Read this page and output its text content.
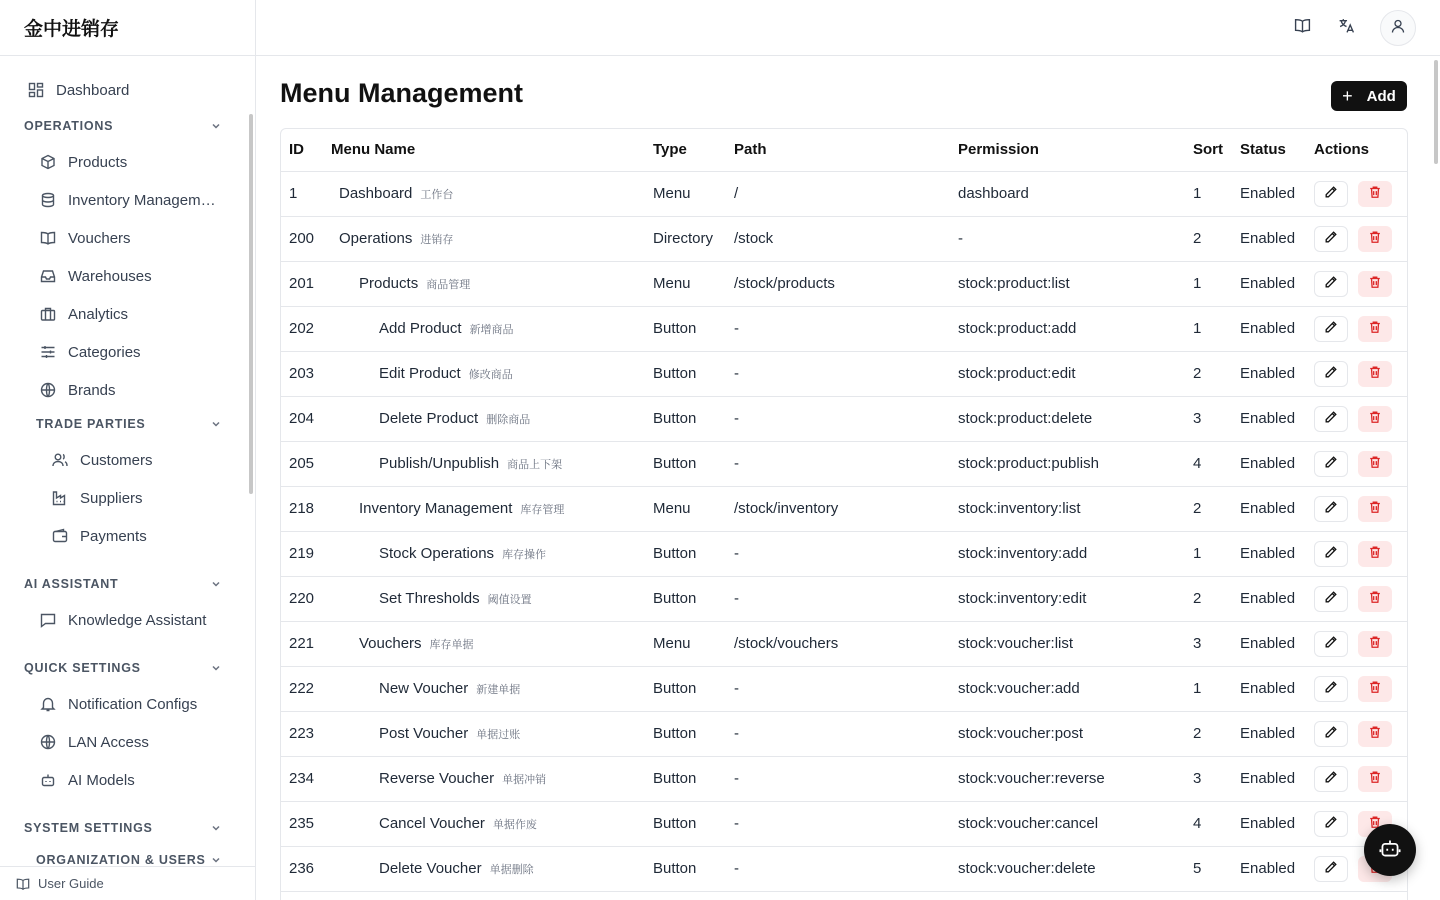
金中进销存
Dashboard
OPERATIONS
Products
Inventory Managem…
Vouchers
Warehouses
Analytics
Categories
Brands
TRADE PARTIES
Customers
Suppliers
Payments
AI ASSISTANT
Knowledge Assistant
QUICK SETTINGS
Notification Configs
LAN Access
AI Models
SYSTEM SETTINGS
ORGANIZATION & USERS
User Guide
Menu Management	+ Add
ID	Menu Name	Type	Path	Permission	Sort	Status	Actions
1	Dashboard 工作台	Menu	/	dashboard	1	Enabled	

200	Operations 进销存	Directory	/stock	-	2	Enabled	

201	Products 商品管理	Menu	/stock/products	stock:product:list	1	Enabled	

202	Add Product 新增商品	Button	-	stock:product:add	1	Enabled	

203	Edit Product 修改商品	Button	-	stock:product:edit	2	Enabled	

204	Delete Product 删除商品	Button	-	stock:product:delete	3	Enabled	

205	Publish/Unpublish 商品上下架	Button	-	stock:product:publish	4	Enabled	

218	Inventory Management 库存管理	Menu	/stock/inventory	stock:inventory:list	2	Enabled	

219	Stock Operations 库存操作	Button	-	stock:inventory:add	1	Enabled	

220	Set Thresholds 阈值设置	Button	-	stock:inventory:edit	2	Enabled	

221	Vouchers 库存单据	Menu	/stock/vouchers	stock:voucher:list	3	Enabled	

222	New Voucher 新建单据	Button	-	stock:voucher:add	1	Enabled	

223	Post Voucher 单据过账	Button	-	stock:voucher:post	2	Enabled	

234	Reverse Voucher 单据冲销	Button	-	stock:voucher:reverse	3	Enabled	

235	Cancel Voucher 单据作废	Button	-	stock:voucher:cancel	4	Enabled	

236	Delete Voucher 单据删除	Button	-	stock:voucher:delete	5	Enabled	
